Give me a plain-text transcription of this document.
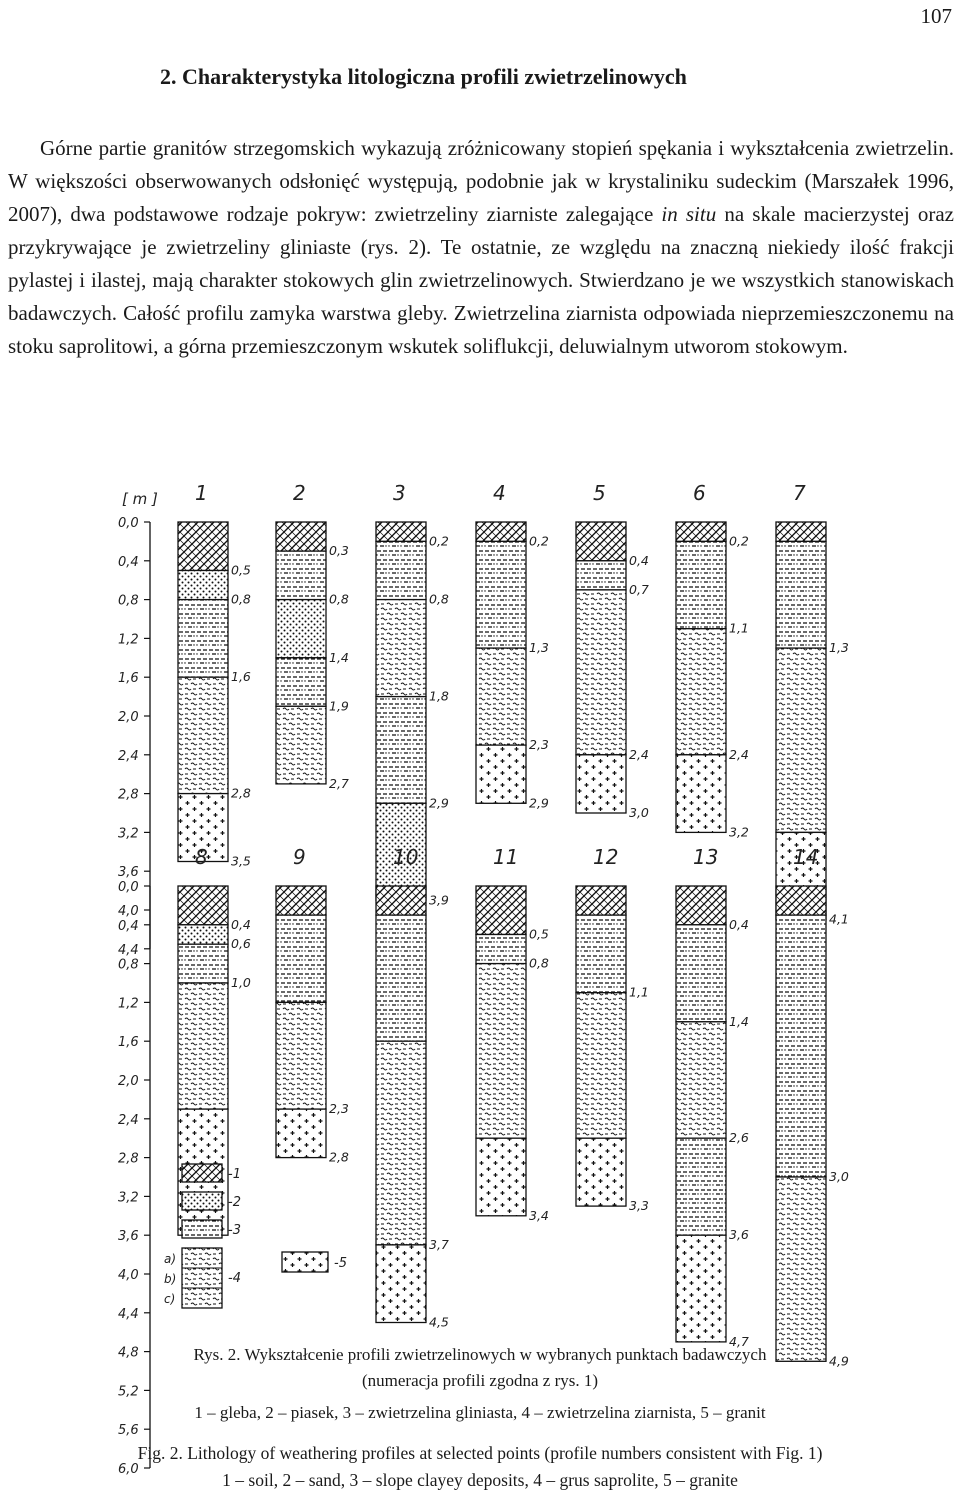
107
2. Charakterystyka litologiczna profili zwietrzelinowych

Górne partie granitów strzegomskich wykazują zróżnicowany stopień spękania i wykształcenia zwietrzelin. W większości obserwowanych odsłonięć występują, podobnie jak w krystaliniku sudeckim (Marszałek 1996, 2007), dwa podstawowe rodzaje pokryw: zwietrzeliny ziarniste zalegające in situ na skale macierzystej oraz przykrywające je zwietrzeliny gliniaste (rys. 2). Te ostatnie, ze względu na znaczną niekiedy ilość frakcji pylastej i ilastej, mają charakter stokowych glin zwietrzelinowych. Stwierdzano je we wszystkich stanowiskach badawczych. Całość profilu zamyka warstwa gleby. Zwietrzelina ziarnista odpowiada nieprzemieszczonemu na stoku saprolitowi, a górna przemieszczonym wskutek soliflukcji, deluwialnym utworom stokowym.

[ m ]
0,0
0,4
0,8
1,2
1,6
2,0
2,4
2,8
3,2
3,6
4,0
4,4
0,0
0,4
0,8
1,2
1,6
2,0
2,4
2,8
3,2
3,6
4,0
4,4
4,8
5,2
5,6
6,0
1
0,5
0,8
1,6
2,8
3,5
2
0,3
0,8
1,4
1,9
2,7
3
0,2
0,8
1,8
2,9
3,9
4
0,2
1,3
2,3
2,9
5
0,4
0,7
2,4
3,0
6
0,2
1,1
2,4
3,2
7
1,3
4,1
8
0,4
0,6
1,0
9
2,3
2,8
10
3,7
4,5
11
0,5
0,8
3,4
12
1,1
3,3
13
0,4
1,4
2,6
3,6
4,7
14
3,0
4,9
-1
-2
-3
a)
b)
c)
-4
-5

Rys. 2. Wykształcenie profili zwietrzelinowych w wybranych punktach badawczych

(numeracja profili zgodna z rys. 1)

1 – gleba, 2 – piasek, 3 – zwietrzelina gliniasta, 4 – zwietrzelina ziarnista, 5 – granit

Fig. 2. Lithology of weathering profiles at selected points (profile numbers consistent with Fig. 1)

1 – soil, 2 – sand, 3 – slope clayey deposits, 4 – grus saprolite, 5 – granite
